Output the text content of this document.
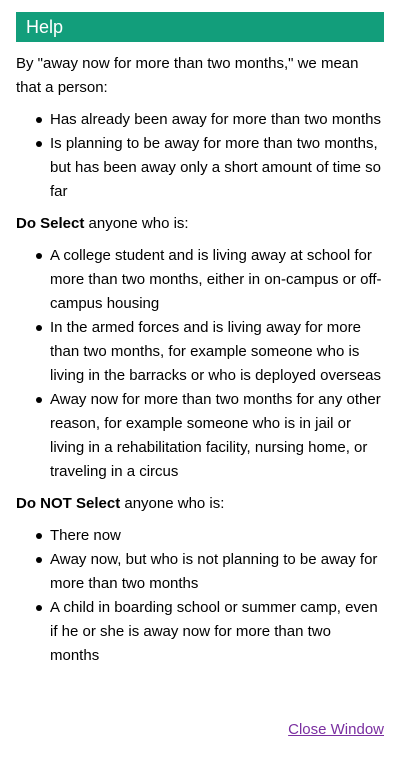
Help

By "away now for more than two months," we mean that a person:

Has already been away for more than two months
Is planning to be away for more than two months, but has been away only a short amount of time so far

Do Select anyone who is:

A college student and is living away at school for more than two months, either in on-campus or off-campus housing
In the armed forces and is living away for more than two months, for example someone who is living in the barracks or who is deployed overseas
Away now for more than two months for any other reason, for example someone who is in jail or living in a rehabilitation facility, nursing home, or traveling in a circus

Do NOT Select anyone who is:

There now
Away now, but who is not planning to be away for more than two months
A child in boarding school or summer camp, even if he or she is away now for more than two months
Close Window
